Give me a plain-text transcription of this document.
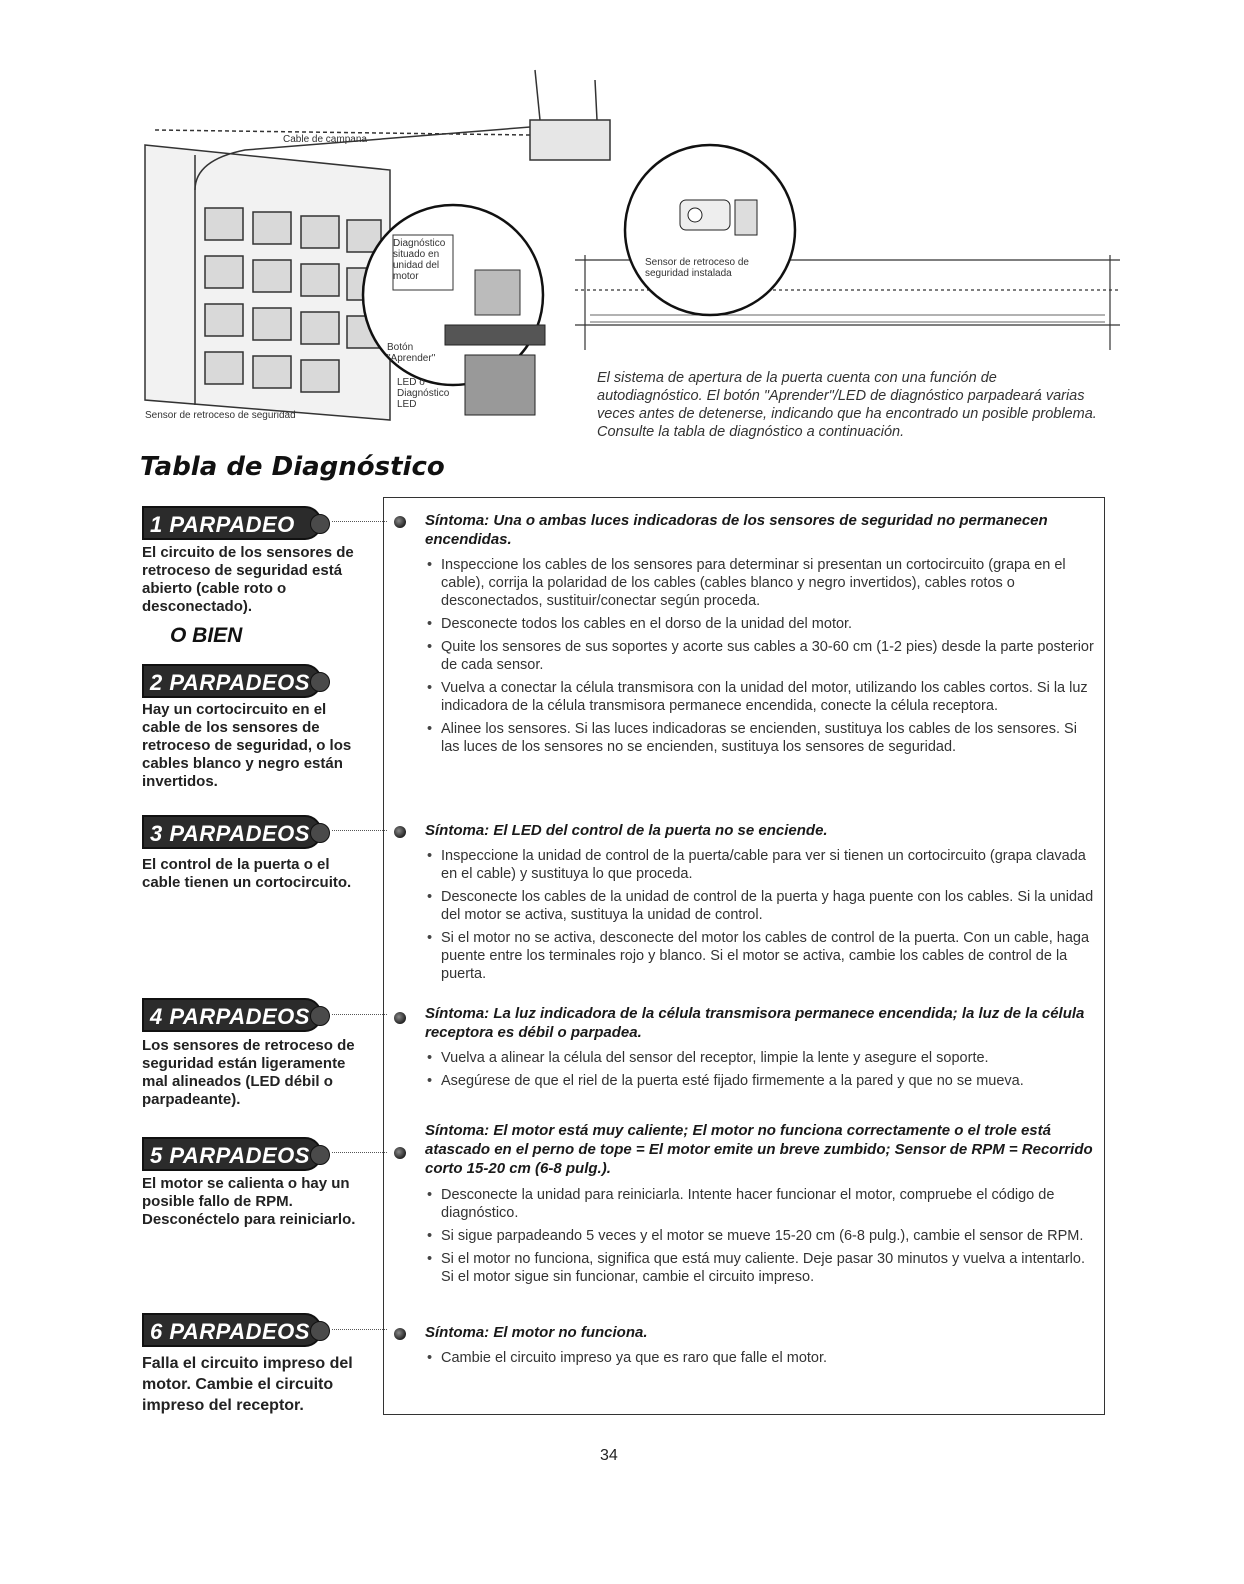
Cable de campana
Sensor de retroceso de seguridad
Diagnóstico situado en unidad del motor
Botón "Aprender"
LED o Diagnóstico LED
Sensor de retroceso de seguridad instalada
El sistema de apertura de la puerta cuenta con una función de autodiagnóstico. El botón "Aprender"/LED de diagnóstico parpadeará varias veces antes de detenerse, indicando que ha encontrado un posible problema. Consulte la tabla de diagnóstico a continuación.
Tabla de Diagnóstico
1 PARPADEO
El circuito de los sensores de retroceso de seguridad está abierto (cable roto o desconectado).
O BIEN
2 PARPADEOS
Hay un cortocircuito en el cable de los sensores de retroceso de seguridad, o los cables blanco y negro están invertidos.
3 PARPADEOS
El control de la puerta o el cable tienen un cortocircuito.
4 PARPADEOS
Los sensores de retroceso de seguridad están ligeramente mal alineados (LED débil o parpadeante).
5 PARPADEOS
El motor se calienta o hay un posible fallo de RPM. Desconéctelo para reiniciarlo.
6 PARPADEOS
Falla el circuito impreso del motor. Cambie el circuito impreso del receptor.
Síntoma: Una o ambas luces indicadoras de los sensores de seguridad no permanecen encendidas.
• Inspeccione los cables de los sensores para determinar si presentan un cortocircuito (grapa en el cable), corrija la polaridad de los cables (cables blanco y negro invertidos), cables rotos o desconectados, sustituir/conectar según proceda.
• Desconecte todos los cables en el dorso de la unidad del motor.
• Quite los sensores de sus soportes y acorte sus cables a 30-60 cm (1-2 pies) desde la parte posterior de cada sensor.
• Vuelva a conectar la célula transmisora con la unidad del motor, utilizando los cables cortos. Si la luz indicadora de la célula transmisora permanece encendida, conecte la célula receptora.
• Alinee los sensores. Si las luces indicadoras se encienden, sustituya los cables de los sensores. Si las luces de los sensores no se encienden, sustituya los sensores de seguridad.
Síntoma: El LED del control de la puerta no se enciende.
• Inspeccione la unidad de control de la puerta/cable para ver si tienen un cortocircuito (grapa clavada en el cable) y sustituya lo que proceda.
• Desconecte los cables de la unidad de control de la puerta y haga puente con los cables. Si la unidad del motor se activa, sustituya la unidad de control.
• Si el motor no se activa, desconecte del motor los cables de control de la puerta. Con un cable, haga puente entre los terminales rojo y blanco. Si el motor se activa, cambie los cables de control de la puerta.
Síntoma: La luz indicadora de la célula transmisora permanece encendida; la luz de la célula receptora es débil o parpadea.
• Vuelva a alinear la célula del sensor del receptor, limpie la lente y asegure el soporte.
• Asegúrese de que el riel de la puerta esté fijado firmemente a la pared y que no se mueva.
Síntoma: El motor está muy caliente; El motor no funciona correctamente o el trole está atascado en el perno de tope = El motor emite un breve zumbido; Sensor de RPM = Recorrido corto 15-20 cm (6-8 pulg.).
• Desconecte la unidad para reiniciarla. Intente hacer funcionar el motor, compruebe el código de diagnóstico.
• Si sigue parpadeando 5 veces y el motor se mueve 15-20 cm (6-8 pulg.), cambie el sensor de RPM.
• Si el motor no funciona, significa que está muy caliente. Deje pasar 30 minutos y vuelva a intentarlo. Si el motor sigue sin funcionar, cambie el circuito impreso.
Síntoma: El motor no funciona.
• Cambie el circuito impreso ya que es raro que falle el motor.
34
